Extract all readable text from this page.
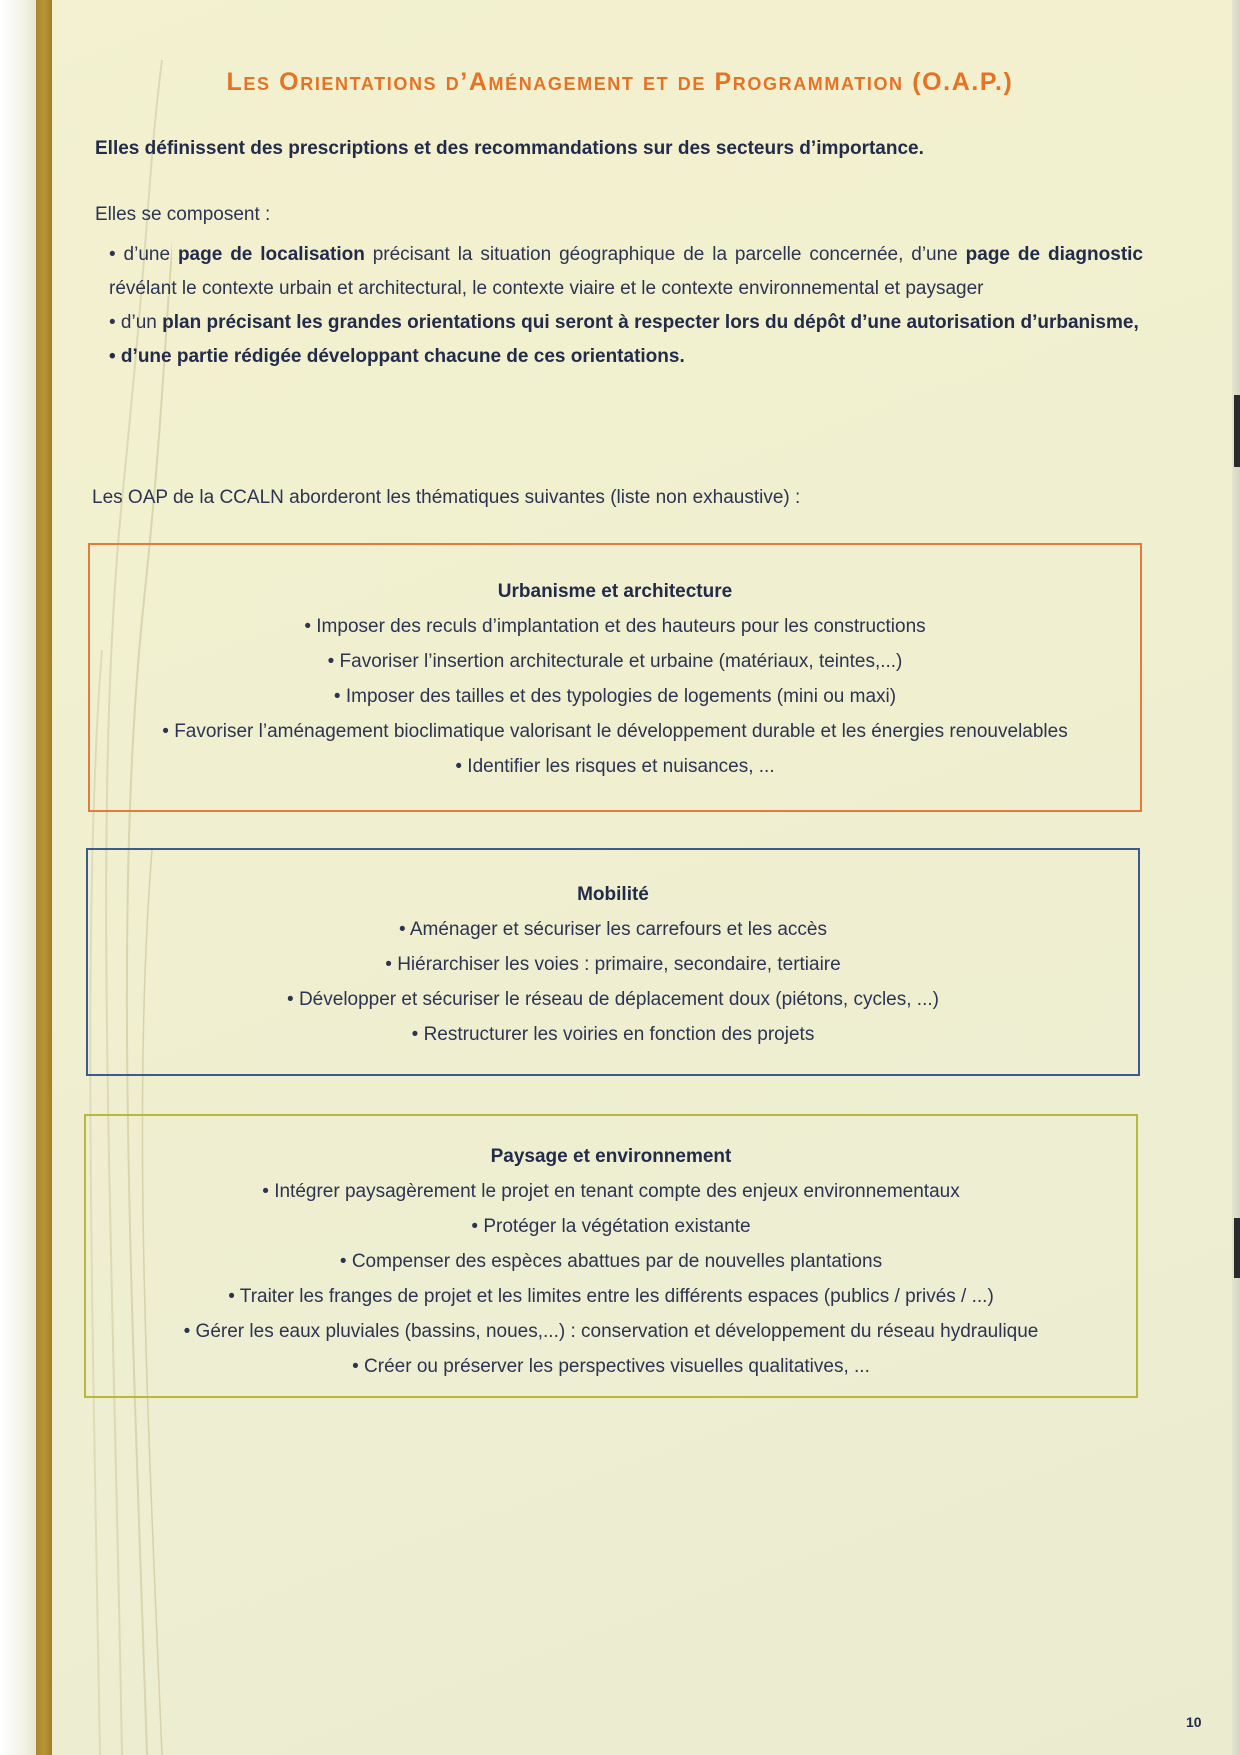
Les Orientations d’Aménagement et de Programmation (O.A.P.)
Elles définissent des prescriptions et des recommandations sur des secteurs d’importance.
Elles se composent :

• d’une page de localisation précisant la situation géographique de la parcelle concernée, d’une page de diagnostic révélant le contexte urbain et architectural, le contexte viaire et le contexte environnemental et paysager

• d’un plan précisant les grandes orientations qui seront à respecter lors du dépôt d’une autorisation d’urbanisme,

• d’une partie rédigée développant chacune de ces orientations.

Les OAP de la CCALN aborderont les thématiques suivantes (liste non exhaustive) :
Urbanisme et architecture
• Imposer des reculs d’implantation et des hauteurs pour les constructions
• Favoriser l’insertion architecturale et urbaine (matériaux, teintes,...)
• Imposer des tailles et des typologies de logements (mini ou maxi)
• Favoriser l’aménagement bioclimatique valorisant le développement durable et les énergies renouvelables
• Identifier les risques et nuisances, ...
Mobilité
• Aménager et sécuriser les carrefours et les accès
• Hiérarchiser les voies : primaire, secondaire, tertiaire
• Développer et sécuriser le réseau de déplacement doux (piétons, cycles, ...)
• Restructurer les voiries en fonction des projets
Paysage et environnement
• Intégrer paysagèrement le projet en tenant compte des enjeux environnementaux
• Protéger la végétation existante
• Compenser des espèces abattues par de nouvelles plantations
• Traiter les franges de projet et les limites entre les différents espaces (publics / privés / ...)
• Gérer les eaux pluviales (bassins, noues,...) : conservation et développement du réseau hydraulique
• Créer ou préserver les perspectives visuelles qualitatives, ...
10
